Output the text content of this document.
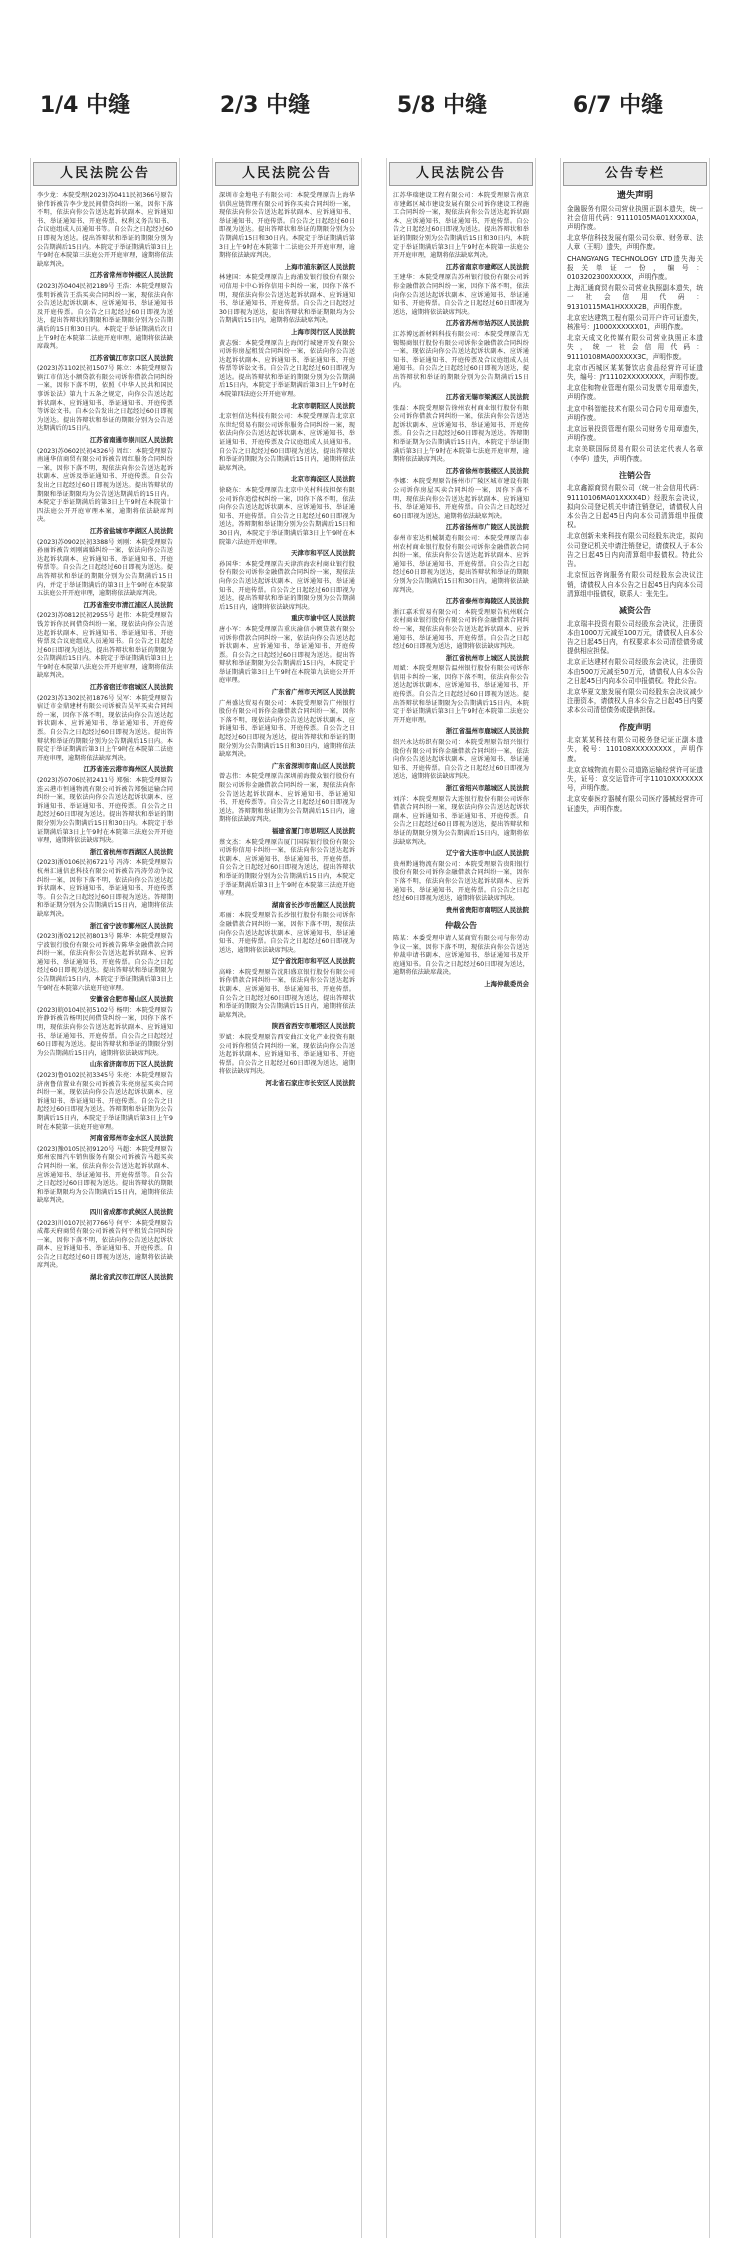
1/4 中缝	2/3 中缝	5/8 中缝	6/7 中缝
人民法院公告
李少龙：本院受理(2023)苏0411民初366号原告徐伟诉被告李少龙民间借贷纠纷一案，因你下落不明，依法向你公告送达起诉状副本、应诉通知书、举证通知书、开庭传票、权利义务告知书、合议庭组成人员通知书等。自公告之日起经过60日即视为送达。提出答辩状和举证的期限分别为公告期满后15日内。本院定于举证期满后第3日上午9时在本院第三法庭公开开庭审理，逾期将依法缺席判决。
江苏省常州市钟楼区人民法院
(2023)苏0404民初2189号 王浩：本院受理原告张明诉被告王浩买卖合同纠纷一案，现依法向你公告送达起诉状副本、应诉通知书、举证通知书及开庭传票。自公告之日起经过60日即视为送达，提出答辩状的期限和举证期限分别为公告期满后的15日和30日内。本院定于举证期满后次日上午9时在本院第二法庭开庭审理，逾期将依法缺席裁判。
江苏省镇江市京口区人民法院
(2023)苏1102民初1507号 陈立：本院受理原告镇江市信达小额贷款有限公司诉你借款合同纠纷一案，因你下落不明，依照《中华人民共和国民事诉讼法》第九十五条之规定，向你公告送达起诉状副本、应诉通知书、举证通知书、开庭传票等诉讼文书。自本公告发出之日起经过60日即视为送达。提出答辩状和举证的期限分别为公告送达期满后的15日内。
江苏省南通市崇川区人民法院
(2023)苏0602民初4326号 周红：本院受理原告南通华信商贸有限公司诉被告周红服务合同纠纷一案，因你下落不明，现依法向你公告送达起诉状副本、应诉及举证通知书、开庭传票。自公告发出之日起经过60日即视为送达。提出答辩状的期限和举证期限均为公告送达期满后的15日内。本院定于举证期满后的第3日上午9时在本院第十四法庭公开开庭审理本案，逾期将依法缺席判决。
江苏省盐城市亭湖区人民法院
(2023)苏0902民初3388号 刘刚：本院受理原告孙丽诉被告刘刚离婚纠纷一案，依法向你公告送达起诉状副本、应诉通知书、举证通知书、开庭传票等。自公告之日起经过60日即视为送达。提出答辩状和举证的期限分别为公告期满后15日内，并定于举证期满后的第3日上午9时在本院第五法庭公开开庭审理，逾期将依法缺席判决。
江苏省淮安市清江浦区人民法院
(2023)苏0812民初2955号 赵伟：本院受理原告钱芳诉你民间借贷纠纷一案，现依法向你公告送达起诉状副本、应诉通知书、举证通知书、开庭传票及合议庭组成人员通知书。自公告之日起经过60日即视为送达，提出答辩状和举证的期限为公告期满后15日内。本院定于举证期满后第3日上午9时在本院第八法庭公开开庭审理，逾期将依法缺席判决。
江苏省宿迁市宿城区人民法院
(2023)苏1302民初1876号 吴军：本院受理原告宿迁市金鼎建材有限公司诉被告吴军买卖合同纠纷一案，因你下落不明，现依法向你公告送达起诉状副本、应诉通知书、举证通知书、开庭传票。自公告之日起经过60日即视为送达。提出答辩状和举证的期限分别为公告期满后15日内。本院定于举证期满后第3日上午9时在本院第二法庭开庭审理，逾期将依法缺席判决。
江苏省连云港市海州区人民法院
(2023)苏0706民初2411号 郑强：本院受理原告连云港市恒通物流有限公司诉被告郑强运输合同纠纷一案，现依法向你公告送达起诉状副本、应诉通知书、举证通知书、开庭传票。自公告之日起经过60日即视为送达。提出答辩状和举证的期限分别为公告期满后15日和30日内。本院定于举证期满后第3日上午9时在本院第三法庭公开开庭审理，逾期将依法缺席判决。
浙江省杭州市西湖区人民法院
(2023)浙0106民初6721号 冯涛：本院受理原告杭州汇通信息科技有限公司诉被告冯涛劳动争议纠纷一案，因你下落不明，依法向你公告送达起诉状副本、应诉通知书、举证通知书、开庭传票等。自公告之日起经过60日即视为送达。答辩期和举证期分别为公告期满后15日内，逾期将依法缺席判决。
浙江省宁波市鄞州区人民法院
(2023)浙0212民初8013号 陈华：本院受理原告宁波银行股份有限公司诉被告陈华金融借款合同纠纷一案，依法向你公告送达起诉状副本、应诉通知书、举证通知书、开庭传票。自公告之日起经过60日即视为送达。提出答辩状和举证期限为公告期满后15日内，本院定于举证期满后第3日上午9时在本院第六法庭开庭审理。
安徽省合肥市蜀山区人民法院
(2023)皖0104民初5102号 杨明：本院受理原告许静诉被告杨明民间借贷纠纷一案，因你下落不明，现依法向你公告送达起诉状副本、应诉通知书、举证通知书、开庭传票。自公告之日起经过60日即视为送达。提出答辩状和举证的期限分别为公告期满后15日内，逾期将依法缺席判决。
山东省济南市历下区人民法院
(2023)鲁0102民初3345号 朱亮：本院受理原告济南鲁信置业有限公司诉被告朱亮房屋买卖合同纠纷一案，现依法向你公告送达起诉状副本、应诉通知书、举证通知书、开庭传票。自公告之日起经过60日即视为送达。答辩期和举证期为公告期满后15日内，本院定于举证期满后第3日上午9时在本院第一法庭开庭审理。
河南省郑州市金水区人民法院
(2023)豫0105民初9120号 马超：本院受理原告郑州宏图汽车销售服务有限公司诉被告马超买卖合同纠纷一案，依法向你公告送达起诉状副本、应诉通知书、举证通知书、开庭传票等。自公告之日起经过60日即视为送达。提出答辩状的期限和举证期限均为公告期满后15日内，逾期将依法缺席判决。
四川省成都市武侯区人民法院
(2023)川0107民初7766号 何平：本院受理原告成都天府商贸有限公司诉被告何平租赁合同纠纷一案，因你下落不明，依法向你公告送达起诉状副本、应诉通知书、举证通知书、开庭传票。自公告之日起经过60日即视为送达，逾期将依法缺席判决。
湖北省武汉市江岸区人民法院
人民法院公告
深圳市金地电子有限公司：本院受理原告上海华信供应链管理有限公司诉你买卖合同纠纷一案，现依法向你公告送达起诉状副本、应诉通知书、举证通知书、开庭传票。自公告之日起经过60日即视为送达。提出答辩状和举证的期限分别为公告期满后15日和30日内。本院定于举证期满后第3日上午9时在本院第十二法庭公开开庭审理，逾期将依法缺席判决。
上海市浦东新区人民法院
林建国：本院受理原告上海浦发银行股份有限公司信用卡中心诉你信用卡纠纷一案，因你下落不明，现依法向你公告送达起诉状副本、应诉通知书、举证通知书、开庭传票。自公告之日起经过30日即视为送达，提出答辩状和举证期限均为公告期满后15日内，逾期将依法缺席判决。
上海市闵行区人民法院
黄志强：本院受理原告上海闵行城建开发有限公司诉你房屋租赁合同纠纷一案，依法向你公告送达起诉状副本、应诉通知书、举证通知书、开庭传票等诉讼文书。自公告之日起经过60日即视为送达。提出答辩状和举证的期限分别为公告期满后15日内，本院定于举证期满后第3日上午9时在本院第四法庭公开开庭审理。
北京市朝阳区人民法院
北京恒信达科技有限公司：本院受理原告北京京东世纪贸易有限公司诉你服务合同纠纷一案，现依法向你公告送达起诉状副本、应诉通知书、举证通知书、开庭传票及合议庭组成人员通知书。自公告之日起经过60日即视为送达，提出答辩状和举证的期限为公告期满后15日内，逾期将依法缺席判决。
北京市海淀区人民法院
徐晓东：本院受理原告北京中关村科技担保有限公司诉你追偿权纠纷一案，因你下落不明，依法向你公告送达起诉状副本、应诉通知书、举证通知书、开庭传票。自公告之日起经过60日即视为送达。答辩期和举证期分别为公告期满后15日和30日内，本院定于举证期满后第3日上午9时在本院第六法庭开庭审理。
天津市和平区人民法院
孙国华：本院受理原告天津滨海农村商业银行股份有限公司诉你金融借款合同纠纷一案，现依法向你公告送达起诉状副本、应诉通知书、举证通知书、开庭传票。自公告之日起经过60日即视为送达，提出答辩状和举证的期限分别为公告期满后15日内，逾期将依法缺席判决。
重庆市渝中区人民法院
唐小军：本院受理原告重庆渝信小额贷款有限公司诉你借款合同纠纷一案，依法向你公告送达起诉状副本、应诉通知书、举证通知书、开庭传票。自公告之日起经过60日即视为送达。提出答辩状和举证期限为公告期满后15日内，本院定于举证期满后第3日上午9时在本院第九法庭公开开庭审理。
广东省广州市天河区人民法院
广州盛达贸易有限公司：本院受理原告广州银行股份有限公司诉你金融借款合同纠纷一案，因你下落不明，现依法向你公告送达起诉状副本、应诉通知书、举证通知书、开庭传票。自公告之日起经过60日即视为送达，提出答辩状和举证的期限分别为公告期满后15日和30日内，逾期将依法缺席判决。
广东省深圳市南山区人民法院
曾志伟：本院受理原告深圳前海微众银行股份有限公司诉你金融借款合同纠纷一案，现依法向你公告送达起诉状副本、应诉通知书、举证通知书、开庭传票等。自公告之日起经过60日即视为送达。答辩期和举证期为公告期满后15日内，逾期将依法缺席判决。
福建省厦门市思明区人民法院
蔡文杰：本院受理原告厦门国际银行股份有限公司诉你信用卡纠纷一案，依法向你公告送达起诉状副本、应诉通知书、举证通知书、开庭传票。自公告之日起经过60日即视为送达，提出答辩状和举证的期限分别为公告期满后15日内，本院定于举证期满后第3日上午9时在本院第三法庭开庭审理。
湖南省长沙市岳麓区人民法院
邓丽：本院受理原告长沙银行股份有限公司诉你金融借款合同纠纷一案，因你下落不明，现依法向你公告送达起诉状副本、应诉通知书、举证通知书、开庭传票。自公告之日起经过60日即视为送达，逾期将依法缺席判决。
辽宁省沈阳市和平区人民法院
高峰：本院受理原告沈阳盛京银行股份有限公司诉你借款合同纠纷一案，依法向你公告送达起诉状副本、应诉通知书、举证通知书、开庭传票。自公告之日起经过60日即视为送达，提出答辩状和举证的期限为公告期满后15日内，逾期将依法缺席判决。
陕西省西安市雁塔区人民法院
罗斌：本院受理原告西安曲江文化产业投资有限公司诉你租赁合同纠纷一案，现依法向你公告送达起诉状副本、应诉通知书、举证通知书、开庭传票。自公告之日起经过60日即视为送达，逾期将依法缺席判决。
河北省石家庄市长安区人民法院
人民法院公告
江苏华瑞建设工程有限公司：本院受理原告南京市建邺区城市建设发展有限公司诉你建设工程施工合同纠纷一案，现依法向你公告送达起诉状副本、应诉通知书、举证通知书、开庭传票。自公告之日起经过60日即视为送达。提出答辩状和举证的期限分别为公告期满后15日和30日内，本院定于举证期满后第3日上午9时在本院第一法庭公开开庭审理，逾期将依法缺席判决。
江苏省南京市建邺区人民法院
王建华：本院受理原告苏州银行股份有限公司诉你金融借款合同纠纷一案，因你下落不明，依法向你公告送达起诉状副本、应诉通知书、举证通知书、开庭传票。自公告之日起经过60日即视为送达，逾期将依法缺席判决。
江苏省苏州市姑苏区人民法院
江苏博远新材料科技有限公司：本院受理原告无锡锡商银行股份有限公司诉你金融借款合同纠纷一案，现依法向你公告送达起诉状副本、应诉通知书、举证通知书、开庭传票及合议庭组成人员通知书。自公告之日起经过60日即视为送达，提出答辩状和举证的期限分别为公告期满后15日内。
江苏省无锡市梁溪区人民法院
张磊：本院受理原告徐州农村商业银行股份有限公司诉你借款合同纠纷一案，依法向你公告送达起诉状副本、应诉通知书、举证通知书、开庭传票。自公告之日起经过60日即视为送达。答辩期和举证期为公告期满后15日内，本院定于举证期满后第3日上午9时在本院第七法庭开庭审理，逾期将依法缺席判决。
江苏省徐州市鼓楼区人民法院
李娜：本院受理原告扬州市广陵区城市建设有限公司诉你房屋买卖合同纠纷一案，因你下落不明，现依法向你公告送达起诉状副本、应诉通知书、举证通知书、开庭传票。自公告之日起经过60日即视为送达，逾期将依法缺席判决。
江苏省扬州市广陵区人民法院
泰州市宏达机械制造有限公司：本院受理原告泰州农村商业银行股份有限公司诉你金融借款合同纠纷一案，依法向你公告送达起诉状副本、应诉通知书、举证通知书、开庭传票。自公告之日起经过60日即视为送达，提出答辩状和举证的期限分别为公告期满后15日和30日内，逾期将依法缺席判决。
江苏省泰州市海陵区人民法院
浙江嘉禾贸易有限公司：本院受理原告杭州联合农村商业银行股份有限公司诉你金融借款合同纠纷一案，现依法向你公告送达起诉状副本、应诉通知书、举证通知书、开庭传票。自公告之日起经过60日即视为送达，逾期将依法缺席判决。
浙江省杭州市上城区人民法院
周斌：本院受理原告温州银行股份有限公司诉你信用卡纠纷一案，因你下落不明，依法向你公告送达起诉状副本、应诉通知书、举证通知书、开庭传票。自公告之日起经过60日即视为送达。提出答辩状和举证期限为公告期满后15日内，本院定于举证期满后第3日上午9时在本院第二法庭公开开庭审理。
浙江省温州市鹿城区人民法院
绍兴永达纺织有限公司：本院受理原告绍兴银行股份有限公司诉你金融借款合同纠纷一案，依法向你公告送达起诉状副本、应诉通知书、举证通知书、开庭传票。自公告之日起经过60日即视为送达，逾期将依法缺席判决。
浙江省绍兴市越城区人民法院
刘洋：本院受理原告大连银行股份有限公司诉你借款合同纠纷一案，现依法向你公告送达起诉状副本、应诉通知书、举证通知书、开庭传票。自公告之日起经过60日即视为送达，提出答辩状和举证的期限分别为公告期满后15日内，逾期将依法缺席判决。
辽宁省大连市中山区人民法院
贵州黔通物流有限公司：本院受理原告贵阳银行股份有限公司诉你金融借款合同纠纷一案，因你下落不明，依法向你公告送达起诉状副本、应诉通知书、举证通知书、开庭传票。自公告之日起经过60日即视为送达，逾期将依法缺席判决。
贵州省贵阳市南明区人民法院
仲裁公告
陈某：本委受理申请人某商贸有限公司与你劳动争议一案，因你下落不明，现依法向你公告送达仲裁申请书副本、应诉通知书、举证通知书及开庭通知书。自公告之日起经过60日即视为送达，逾期将依法缺席裁决。
上海仲裁委员会
公告专栏
遗失声明
金融服务有限公司营业执照正副本遗失，统一社会信用代码：91110105MA01XXXX0A，声明作废。
北京华信科技发展有限公司公章、财务章、法人章（王明）遗失，声明作废。
CHANGYANG TECHNOLOGY LTD遗失海关报关单证一份，编号：0103202300XXXXX，声明作废。
上海汇通商贸有限公司营业执照副本遗失，统一社会信用代码：91310115MA1HXXXX2B，声明作废。
北京宏达建筑工程有限公司开户许可证遗失，核准号：J1000XXXXXX01，声明作废。
北京天成文化传媒有限公司营业执照正本遗失，统一社会信用代码：91110108MA00XXXX3C，声明作废。
北京市西城区某某餐饮店食品经营许可证遗失，编号：JY11102XXXXXXXX，声明作废。
北京佳和物业管理有限公司发票专用章遗失，声明作废。
北京中科智能技术有限公司合同专用章遗失，声明作废。
北京远景投资管理有限公司财务专用章遗失，声明作废。
北京美联国际贸易有限公司法定代表人名章（李华）遗失，声明作废。
注销公告
北京鑫源商贸有限公司（统一社会信用代码：91110106MA01XXXX4D）经股东会决议，拟向公司登记机关申请注销登记，请债权人自本公告之日起45日内向本公司清算组申报债权。
北京创新未来科技有限公司经股东决定，拟向公司登记机关申请注销登记，请债权人于本公告之日起45日内向清算组申报债权。特此公告。
北京恒远咨询服务有限公司经股东会决议注销，请债权人自本公告之日起45日内向本公司清算组申报债权，联系人：张先生。
减资公告
北京瑞丰投资有限公司经股东会决议，注册资本由1000万元减至100万元，请债权人自本公告之日起45日内，有权要求本公司清偿债务或提供相应担保。
北京正达建材有限公司经股东会决议，注册资本由500万元减至50万元，请债权人自本公告之日起45日内向本公司申报债权。特此公告。
北京华夏文旅发展有限公司经股东会决议减少注册资本，请债权人自本公告之日起45日内要求本公司清偿债务或提供担保。
作废声明
北京某某科技有限公司税务登记证正副本遗失，税号：110108XXXXXXXXX，声明作废。
北京京城物流有限公司道路运输经营许可证遗失，证号：京交运管许可字11010XXXXXXX号，声明作废。
北京安泰医疗器械有限公司医疗器械经营许可证遗失，声明作废。
